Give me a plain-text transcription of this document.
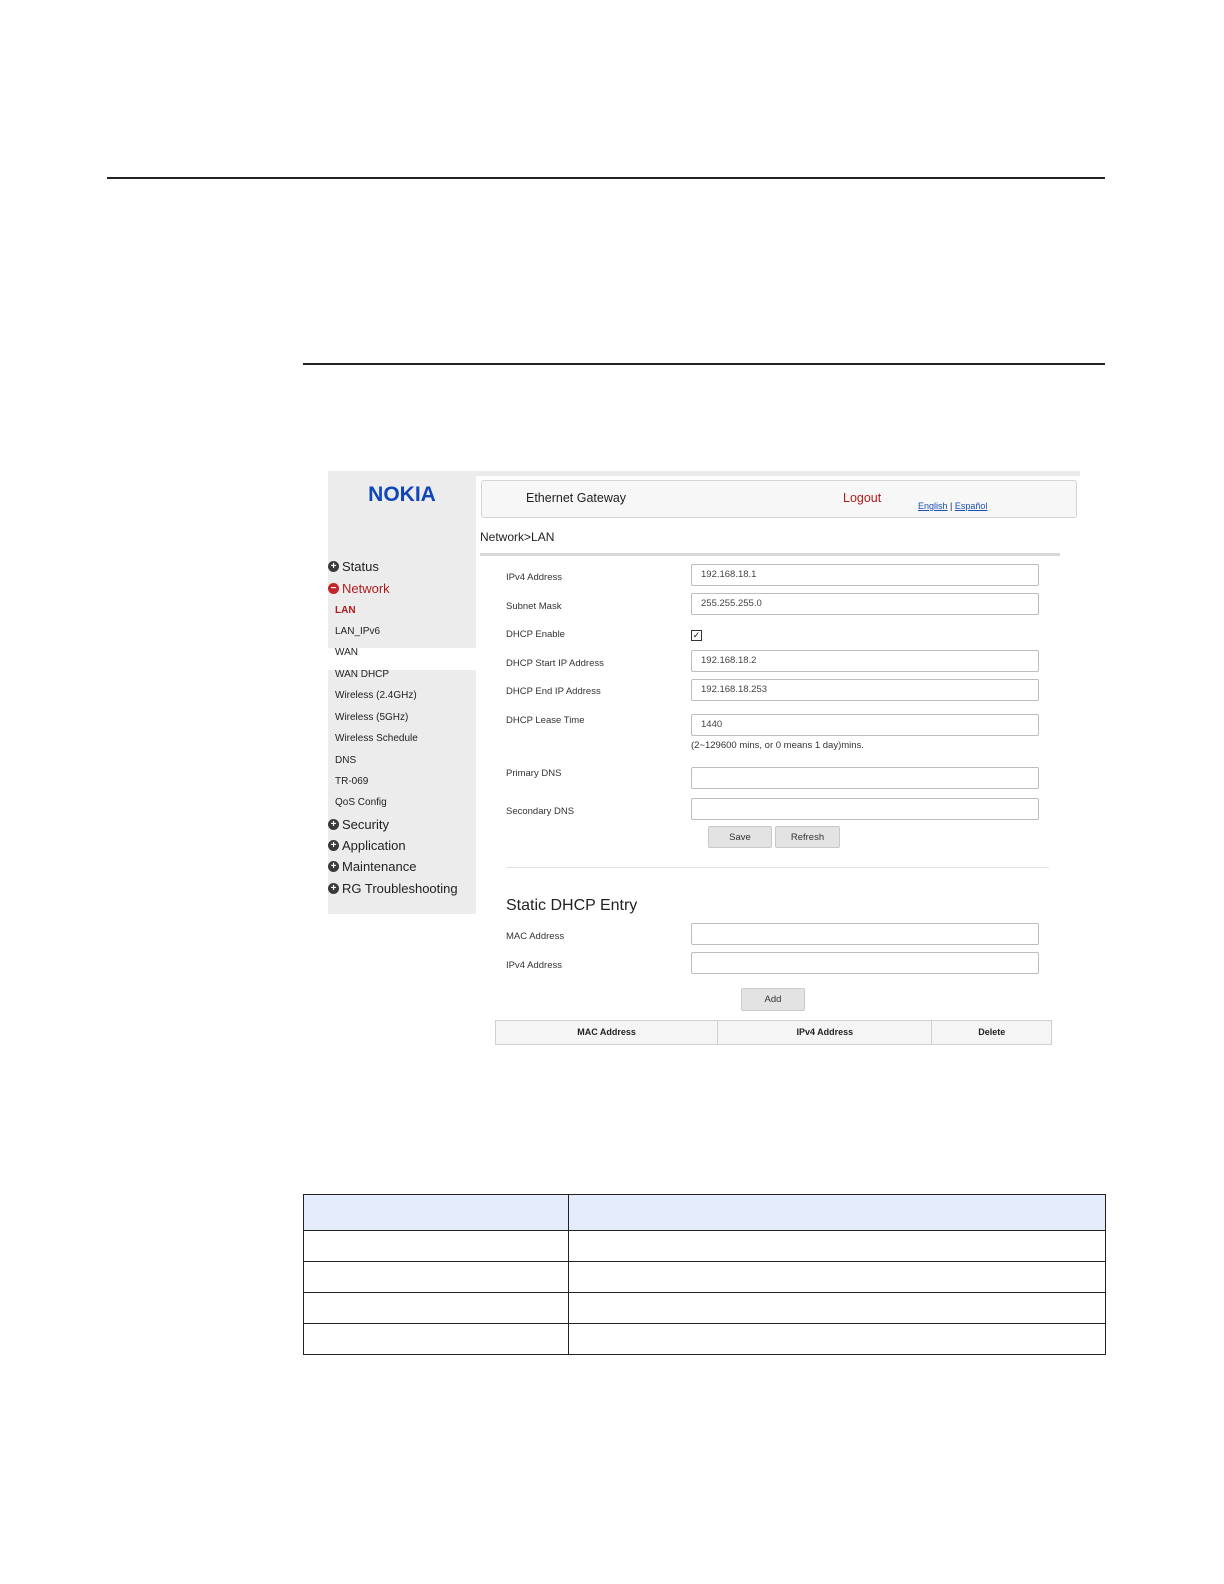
NOKIA
+ Status
− Network
LAN
LAN_IPv6
WAN
WAN DHCP
Wireless (2.4GHz)
Wireless (5GHz)
Wireless Schedule
DNS
TR-069
QoS Config
+ Security
+ Application
+ Maintenance
+ RG Troubleshooting
Ethernet Gateway	Logout
English | Español
Network>LAN
IPv4 Address	192.168.18.1
Subnet Mask	255.255.255.0
DHCP Enable	✓
DHCP Start IP Address	192.168.18.2
DHCP End IP Address	192.168.18.253
DHCP Lease Time	1440
(2~129600 mins, or 0 means 1 day)mins.
Primary DNS
Secondary DNS
Save	Refresh
Static DHCP Entry
MAC Address
IPv4 Address
Add
MAC Address	IPv4 Address	Delete
